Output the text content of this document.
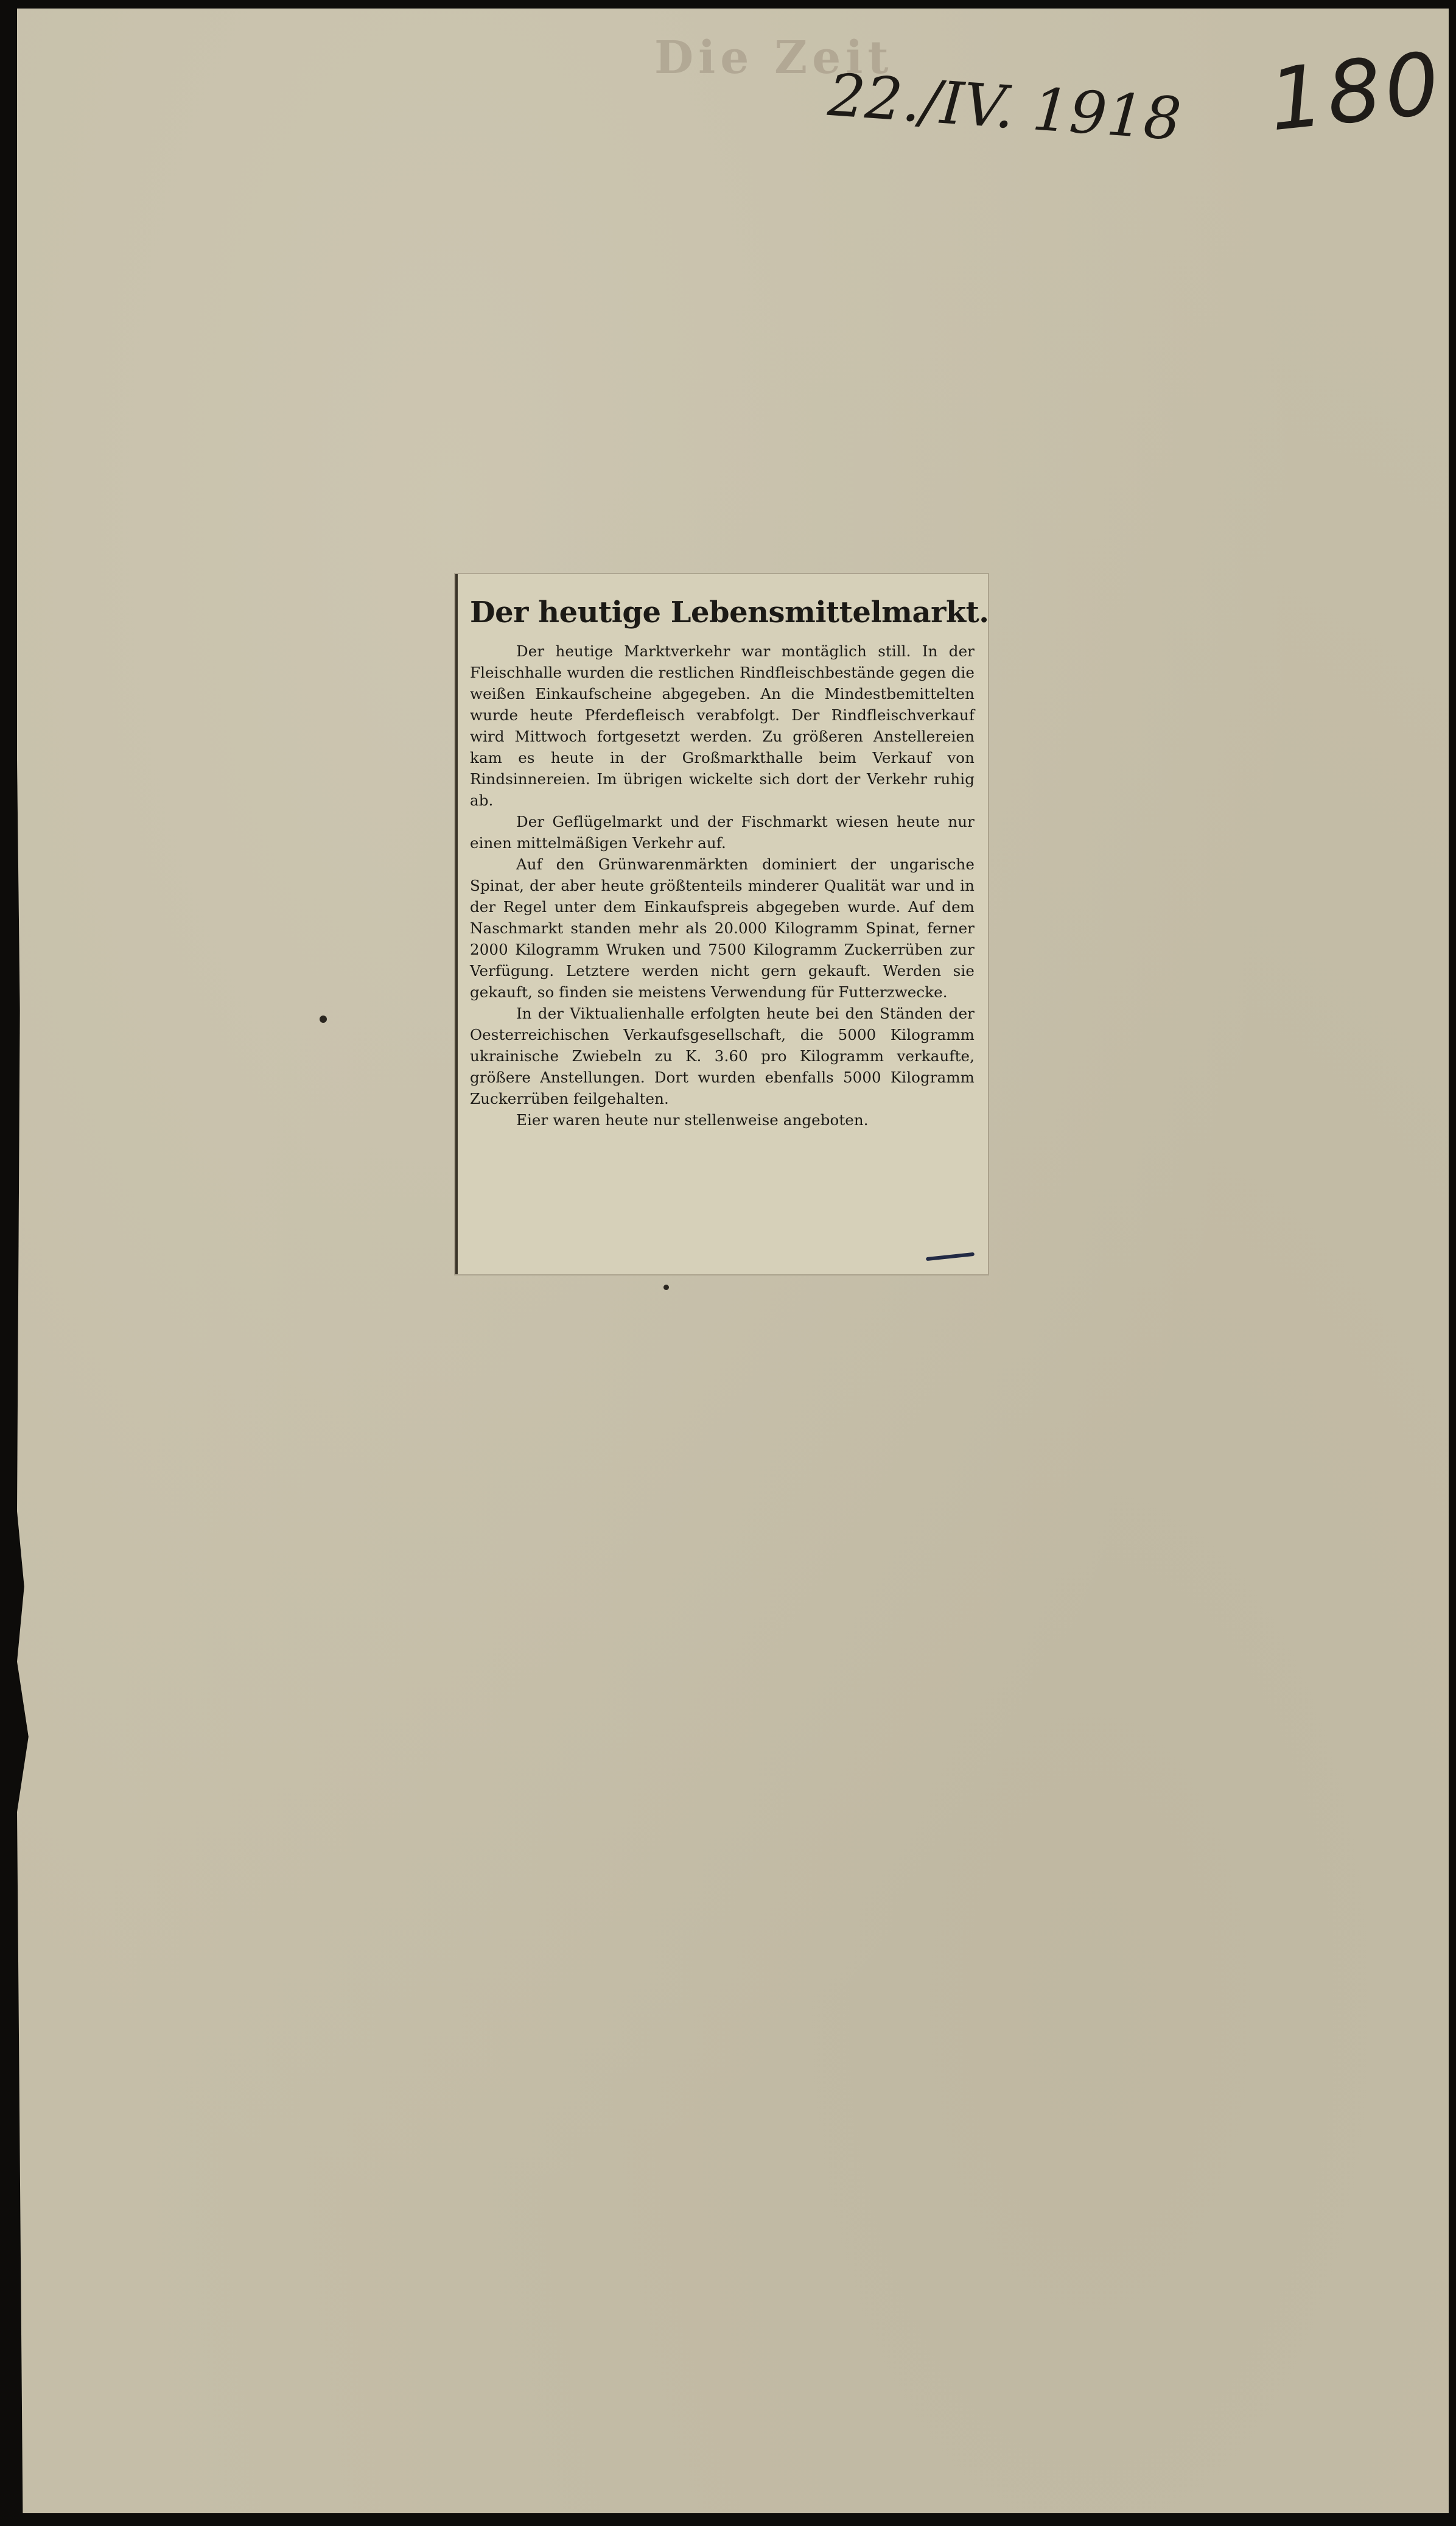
Die Zeit
22./IV. 1918 180
Der heutige Lebensmittelmarkt.

Der heutige Marktverkehr war montäglich still. In der Fleischhalle wurden die restlichen Rindfleischbestände gegen die weißen Einkaufscheine abgegeben. An die Mindestbemittelten wurde heute Pferdefleisch verabfolgt. Der Rindfleischverkauf wird Mittwoch fortgesetzt werden. Zu größeren Anstellereien kam es heute in der Großmarkthalle beim Verkauf von Rindsinnereien. Im übrigen wickelte sich dort der Verkehr ruhig ab.

Der Geflügelmarkt und der Fischmarkt wiesen heute nur einen mittelmäßigen Verkehr auf.

Auf den Grünwarenmärkten dominiert der ungarische Spinat, der aber heute größtenteils minderer Qualität war und in der Regel unter dem Einkaufspreis abgegeben wurde. Auf dem Naschmarkt standen mehr als 20.000 Kilogramm Spinat, ferner 2000 Kilogramm Wruken und 7500 Kilogramm Zuckerrüben zur Verfügung. Letztere werden nicht gern gekauft. Werden sie gekauft, so finden sie meistens Verwendung für Futterzwecke.

In der Viktualienhalle erfolgten heute bei den Ständen der Oesterreichischen Verkaufsgesellschaft, die 5000 Kilogramm ukrainische Zwiebeln zu K. 3.60 pro Kilogramm verkaufte, größere Anstellungen. Dort wurden ebenfalls 5000 Kilogramm Zuckerrüben feilgehalten.

Eier waren heute nur stellenweise angeboten.
